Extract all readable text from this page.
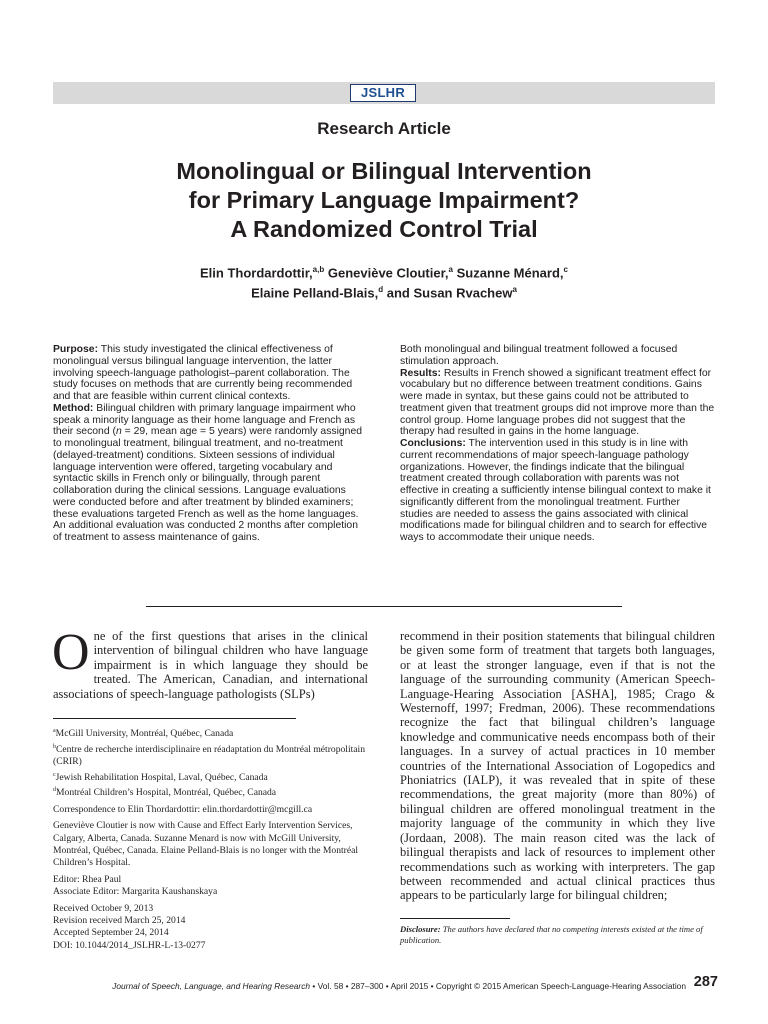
JSLHR
Research Article
Monolingual or Bilingual Intervention
for Primary Language Impairment?
A Randomized Control Trial
Elin Thordardottir,$^{a,b}$ Geneviève Cloutier,$^a$ Suzanne Ménard,$^c$
Elaine Pelland-Blais,$^d$ and Susan Rvachew$^a$

Purpose: This study investigated the clinical effectiveness of monolingual versus bilingual language intervention, the latter involving speech-language pathologist–parent collaboration. The study focuses on methods that are currently being recommended and that are feasible within current clinical contexts.

Method: Bilingual children with primary language impairment who speak a minority language as their home language and French as their second (n = 29, mean age = 5 years) were randomly assigned to monolingual treatment, bilingual treatment, and no-treatment (delayed-treatment) conditions. Sixteen sessions of individual language intervention were offered, targeting vocabulary and syntactic skills in French only or bilingually, through parent collaboration during the clinical sessions. Language evaluations were conducted before and after treatment by blinded examiners; these evaluations targeted French as well as the home languages. An additional evaluation was conducted 2 months after completion of treatment to assess maintenance of gains.

Both monolingual and bilingual treatment followed a focused stimulation approach.

Results: Results in French showed a significant treatment effect for vocabulary but no difference between treatment conditions. Gains were made in syntax, but these gains could not be attributed to treatment given that treatment groups did not improve more than the control group. Home language probes did not suggest that the therapy had resulted in gains in the home language.

Conclusions: The intervention used in this study is in line with current recommendations of major speech-language pathology organizations. However, the findings indicate that the bilingual treatment created through collaboration with parents was not effective in creating a sufficiently intense bilingual context to make it significantly different from the monolingual treatment. Further studies are needed to assess the gains associated with clinical modifications made for bilingual children and to search for effective ways to accommodate their unique needs.

One of the first questions that arises in the clinical intervention of bilingual children who have language impairment is in which language they should be treated. The American, Canadian, and international associations of speech-language pathologists (SLPs)

$^a$McGill University, Montréal, Québec, Canada

$^b$Centre de recherche interdisciplinaire en réadaptation du Montréal métropolitain (CRIR)

$^c$Jewish Rehabilitation Hospital, Laval, Québec, Canada

$^d$Montréal Children’s Hospital, Montréal, Québec, Canada

Correspondence to Elin Thordardottir: elin.thordardottir@mcgill.ca

Geneviève Cloutier is now with Cause and Effect Early Intervention Services, Calgary, Alberta, Canada. Suzanne Menard is now with McGill University, Montréal, Québec, Canada. Elaine Pelland-Blais is no longer with the Montréal Children’s Hospital.

Editor: Rhea Paul

Associate Editor: Margarita Kaushanskaya

Received October 9, 2013

Revision received March 25, 2014

Accepted September 24, 2014

DOI: 10.1044/2014_JSLHR-L-13-0277

recommend in their position statements that bilingual children be given some form of treatment that targets both languages, or at least the stronger language, even if that is not the language of the surrounding community (American Speech-Language-Hearing Association [ASHA], 1985; Crago & Westernoff, 1997; Fredman, 2006). These recommendations recognize the fact that bilingual children’s language knowledge and communicative needs encompass both of their languages. In a survey of actual practices in 10 member countries of the International Association of Logopedics and Phoniatrics (IALP), it was revealed that in spite of these recommendations, the great majority (more than 80%) of bilingual children are offered monolingual treatment in the majority language of the community in which they live (Jordaan, 2008). The main reason cited was the lack of bilingual therapists and lack of resources to implement other recommendations such as working with interpreters. The gap between recommended and actual clinical practices thus appears to be particularly large for bilingual children;
Disclosure: The authors have declared that no competing interests existed at the time of publication.
Journal of Speech, Language, and Hearing Research • Vol. 58 • 287–300 • April 2015 • Copyright © 2015 American Speech-Language-Hearing Association 287
